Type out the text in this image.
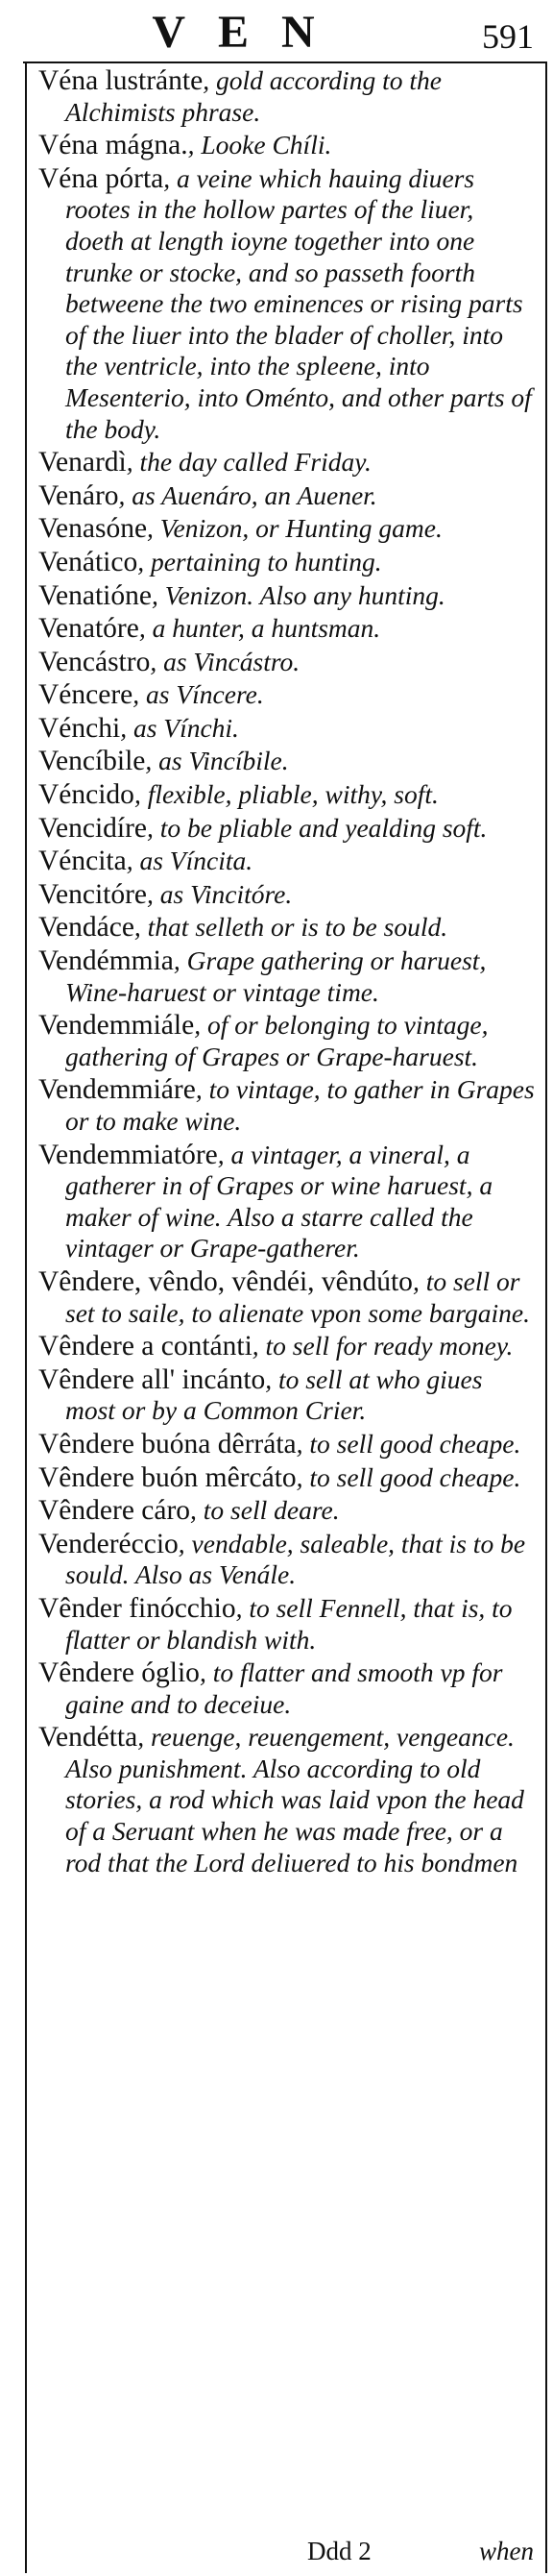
VEN	591
Véna lustránte, gold according to the Alchimists phrase.
Véna mágna., Looke Chíli.
Véna pórta, a veine which hauing diuers rootes in the hollow partes of the liuer, doeth at length ioyne together into one trunke or stocke, and so passeth foorth betweene the two eminences or rising parts of the liuer into the blader of choller, into the ventricle, into the spleene, into Mesenterio, into Oménto, and other parts of the body.
Venardì, the day called Friday.
Venáro, as Auenáro, an Auener.
Venasóne, Venizon, or Hunting game.
Venático, pertaining to hunting.
Venatióne, Venizon. Also any hunting.
Venatóre, a hunter, a huntsman.
Vencástro, as Vincástro.
Véncere, as Víncere.
Vénchi, as Vínchi.
Vencíbile, as Vincíbile.
Véncido, flexible, pliable, withy, soft.
Vencidíre, to be pliable and yealding soft.
Véncita, as Víncita.
Vencitóre, as Vincitóre.
Vendáce, that selleth or is to be sould.
Vendémmia, Grape gathering or haruest, Wine-haruest or vintage time.
Vendemmiále, of or belonging to vintage, gathering of Grapes or Grape-haruest.
Vendemmiáre, to vintage, to gather in Grapes or to make wine.
Vendemmiatóre, a vintager, a vineral, a gatherer in of Grapes or wine haruest, a maker of wine. Also a starre called the vintager or Grape-gatherer.
Vêndere, vêndo, vêndéi, vêndúto, to sell or set to saile, to alienate vpon some bargaine.
Vêndere a contánti, to sell for ready money.
Vêndere all' incánto, to sell at who giues most or by a Common Crier.
Vêndere buóna dêrráta, to sell good cheape.
Vêndere buón mêrcáto, to sell good cheape.
Vêndere cáro, to sell deare.
Venderéccio, vendable, saleable, that is to be sould. Also as Venále.
Vênder finócchio, to sell Fennell, that is, to flatter or blandish with.
Vêndere óglio, to flatter and smooth vp for gaine and to deceiue.
Vendétta, reuenge, reuengement, vengeance. Also punishment. Also according to old stories, a rod which was laid vpon the head of a Seruant when he was made free, or a rod that the Lord deliuered to his bondmen
Ddd 2	when
